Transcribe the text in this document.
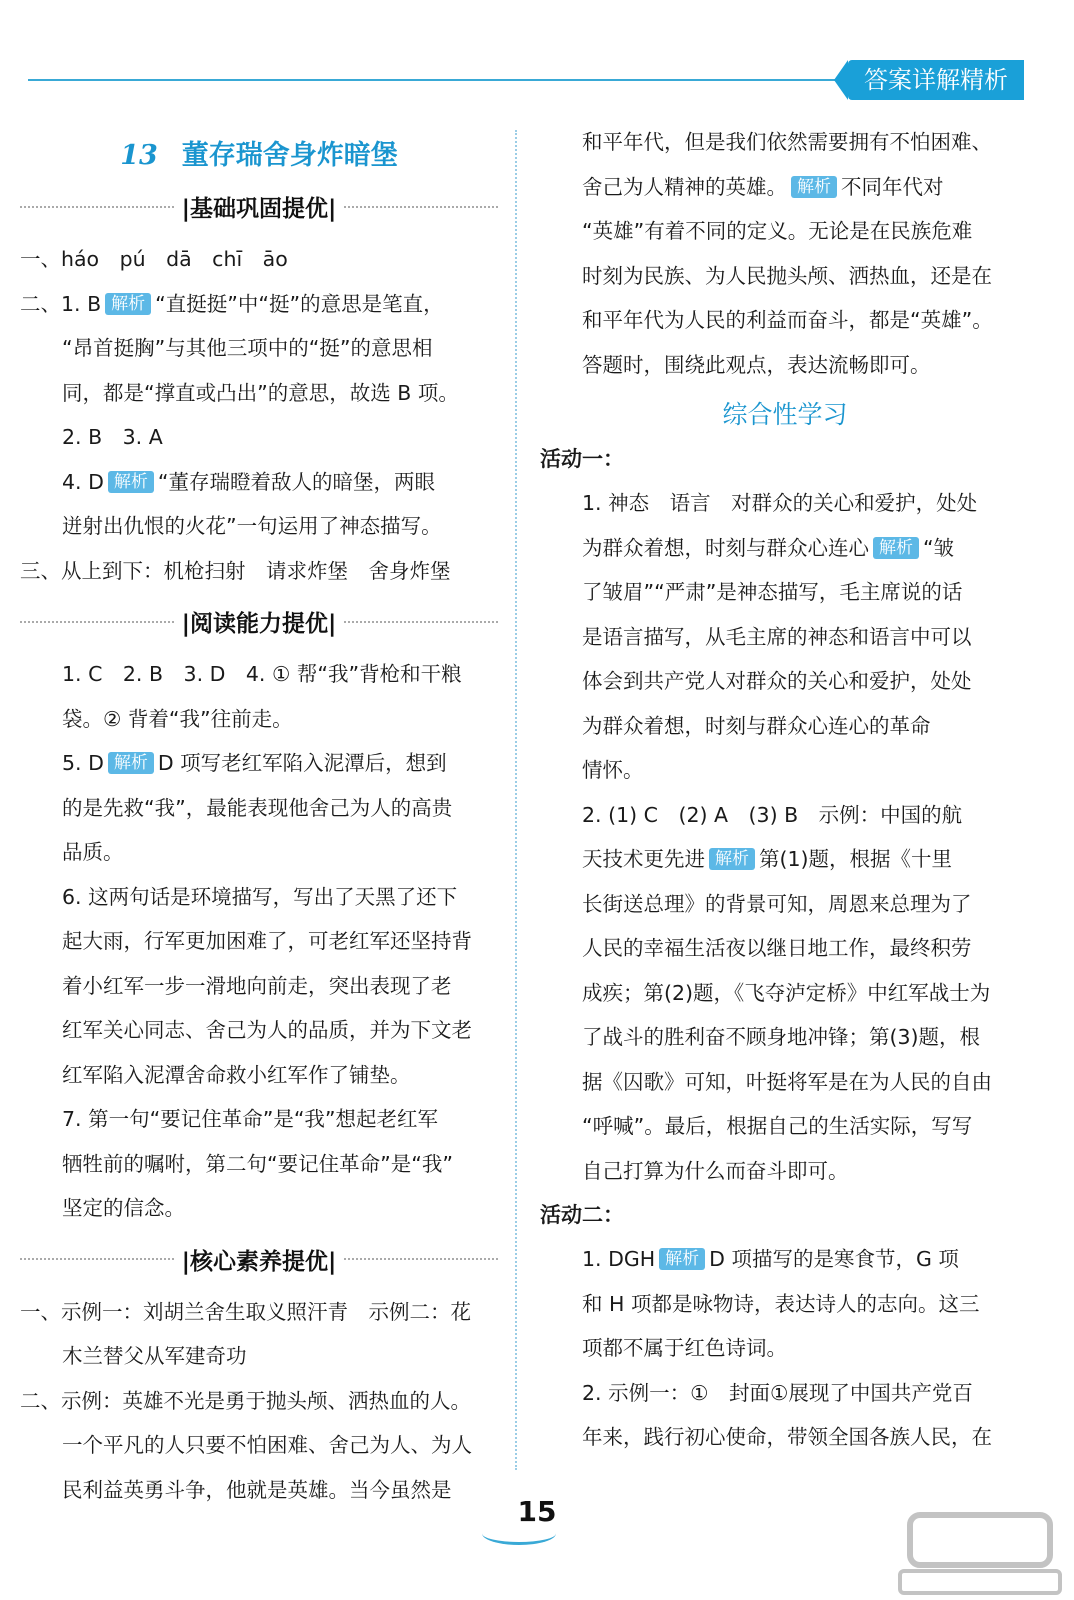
答案详解精析
13 董存瑞舍身炸暗堡
|基础巩固提优|

一、háo　pú　dā　chī　āo

二、1. B 解析 “直挺挺”中“挺”的意思是笔直，

“昂首挺胸”与其他三项中的“挺”的意思相

同，都是“撑直或凸出”的意思，故选 B 项。

2. B　3. A

4. D 解析 “董存瑞瞪着敌人的暗堡，两眼

迸射出仇恨的火花”一句运用了神态描写。

三、从上到下：机枪扫射　请求炸堡　舍身炸堡

|阅读能力提优|

1. C　2. B　3. D　4. ① 帮“我”背枪和干粮

袋。② 背着“我”往前走。

5. D 解析 D 项写老红军陷入泥潭后，想到

的是先救“我”，最能表现他舍己为人的高贵

品质。

6. 这两句话是环境描写，写出了天黑了还下

起大雨，行军更加困难了，可老红军还坚持背

着小红军一步一滑地向前走，突出表现了老

红军关心同志、舍己为人的品质，并为下文老

红军陷入泥潭舍命救小红军作了铺垫。

7. 第一句“要记住革命”是“我”想起老红军

牺牲前的嘱咐，第二句“要记住革命”是“我”

坚定的信念。

|核心素养提优|

一、示例一：刘胡兰舍生取义照汗青　示例二：花

木兰替父从军建奇功

二、示例：英雄不光是勇于抛头颅、洒热血的人。

一个平凡的人只要不怕困难、舍己为人、为人

民利益英勇斗争，他就是英雄。当今虽然是

和平年代，但是我们依然需要拥有不怕困难、

舍己为人精神的英雄。 解析 不同年代对

“英雄”有着不同的定义。无论是在民族危难

时刻为民族、为人民抛头颅、洒热血，还是在

和平年代为人民的利益而奋斗，都是“英雄”。

答题时，围绕此观点，表达流畅即可。

综合性学习

活动一：

1. 神态　语言　对群众的关心和爱护，处处

为群众着想，时刻与群众心连心 解析 “皱

了皱眉”“严肃”是神态描写，毛主席说的话

是语言描写，从毛主席的神态和语言中可以

体会到共产党人对群众的关心和爱护，处处

为群众着想，时刻与群众心连心的革命

情怀。

2. (1) C　(2) A　(3) B　示例：中国的航

天技术更先进 解析 第(1)题，根据《十里

长街送总理》的背景可知，周恩来总理为了

人民的幸福生活夜以继日地工作，最终积劳

成疾；第(2)题，《飞夺泸定桥》中红军战士为

了战斗的胜利奋不顾身地冲锋；第(3)题，根

据《囚歌》可知，叶挺将军是在为人民的自由

“呼喊”。最后，根据自己的生活实际，写写

自己打算为什么而奋斗即可。

活动二：

1. DGH 解析 D 项描写的是寒食节，G 项

和 H 项都是咏物诗，表达诗人的志向。这三

项都不属于红色诗词。

2. 示例一：①　封面①展现了中国共产党百

年来，践行初心使命，带领全国各族人民，在

15
